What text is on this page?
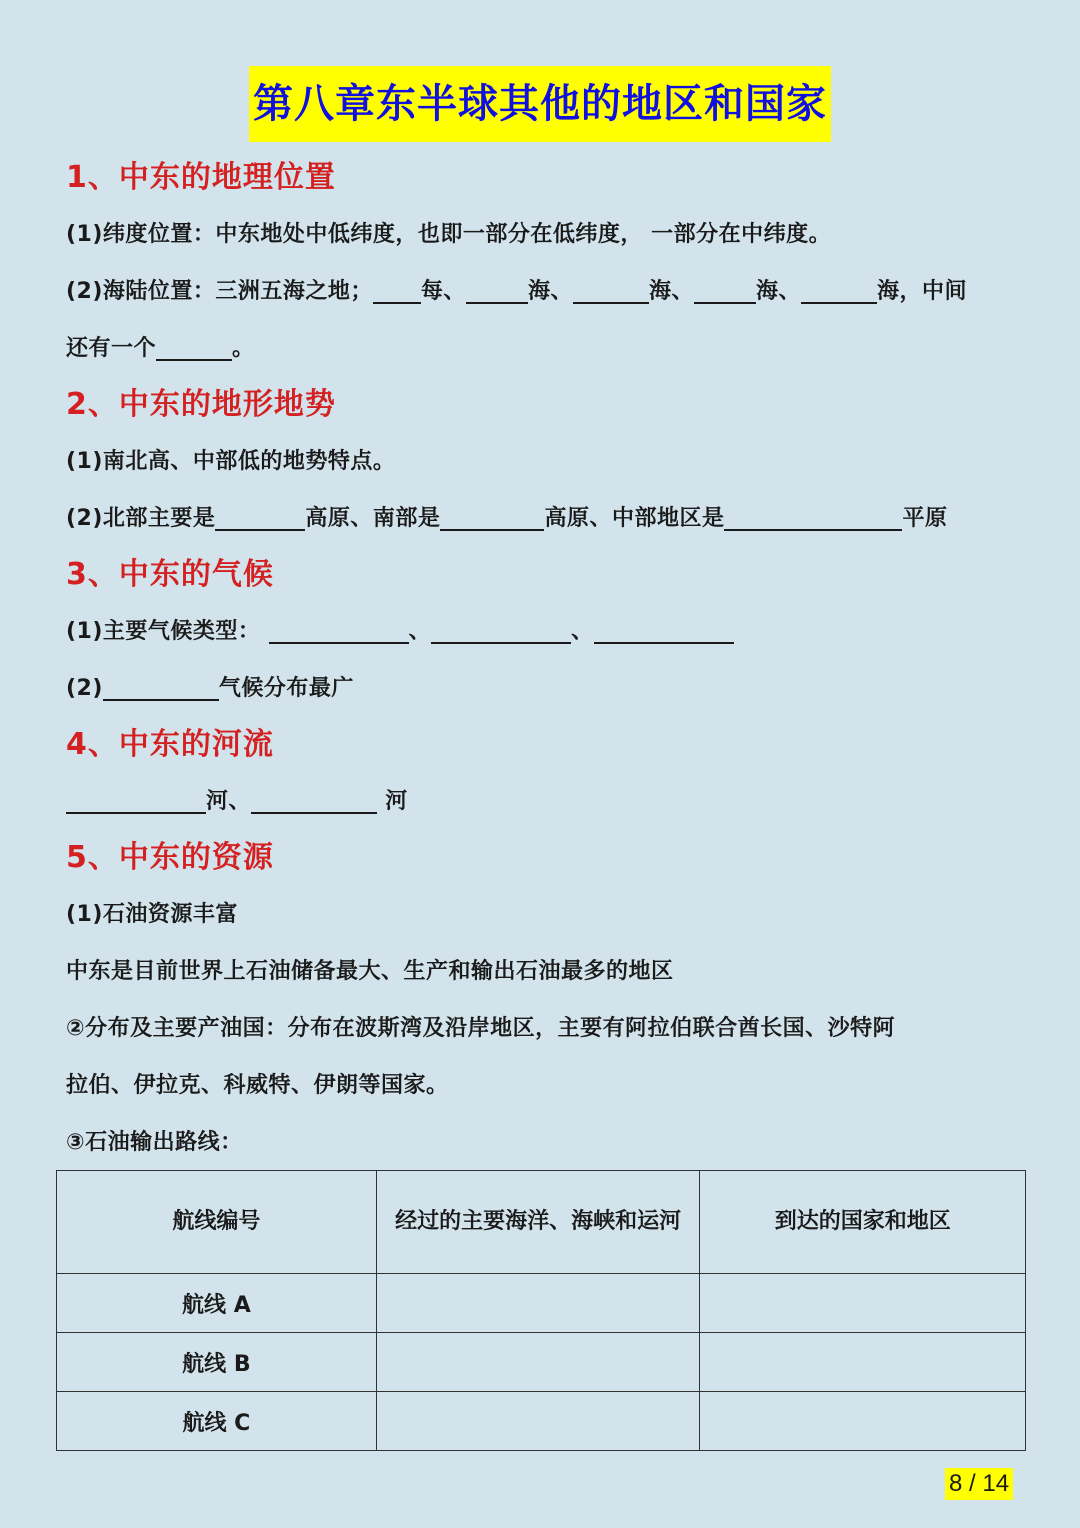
第八章东半球其他的地区和国家
1、中东的地理位置
(1)纬度位置：中东地处中低纬度，也即一部分在低纬度， 一部分在中纬度。
(2)海陆位置：三洲五海之地； 每、	海、	海、	海、	海，中间
还有一个	。
2、中东的地形地势
(1)南北高、中部低的地势特点。
(2)北部主要是	高原、南部是	高原、中部地区是	平原
3、中东的气候
(1)主要气候类型：	、	、
(2)	气候分布最广
4、中东的河流
河、	河
5、中东的资源
(1)石油资源丰富
中东是目前世界上石油储备最大、生产和输出石油最多的地区
②分布及主要产油国：分布在波斯湾及沿岸地区，主要有阿拉伯联合酋长国、沙特阿
拉伯、伊拉克、科威特、伊朗等国家。
③石油输出路线：
航线编号	经过的主要海洋、海峡和运河	到达的国家和地区
航线 A		
航线 B		
航线 C		
8 / 14
